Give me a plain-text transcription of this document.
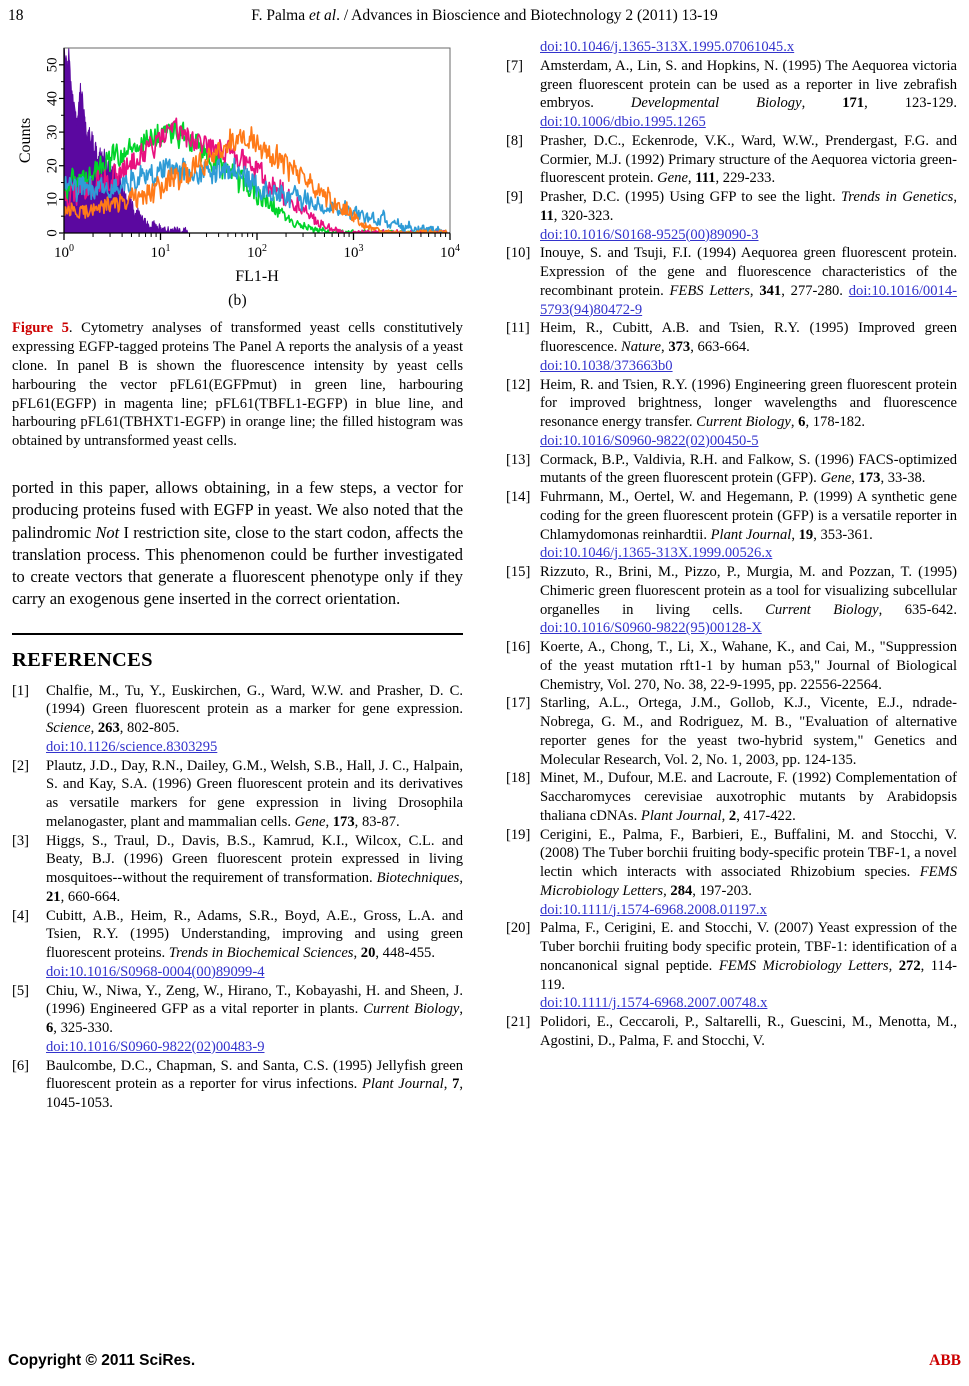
18	F. Palma et al. / Advances in Bioscience and Biotechnology 2 (2011) 13-19
0
10
20
30
40
50
Counts
$10^0$	$10^1$	$10^2$	$10^3$	$10^4$
FL1-H
(b)
Figure 5. Cytometry analyses of transformed yeast cells constitutively expressing EGFP-tagged proteins The Panel A reports the analysis of a yeast clone. In panel B is shown the fluorescence intensity by yeast cells harbouring the vector pFL61(EGFPmut) in green line, harbouring pFL61(EGFP) in magenta line; pFL61(TBFL1-EGFP) in blue line, and harbouring pFL61(TBHXT1-EGFP) in orange line; the filled histogram was obtained by untransformed yeast cells.
ported in this paper, allows obtaining, in a few steps, a vector for producing proteins fused with EGFP in yeast. We also noted that the palindromic Not I restriction site, close to the start codon, affects the translation process. This phenomenon could be further investigated to create vectors that generate a fluorescent phenotype only if they carry an exogenous gene inserted in the correct orientation.
REFERENCES
[1]	Chalfie, M., Tu, Y., Euskirchen, G., Ward, W.W. and Prasher, D. C. (1994) Green fluorescent protein as a marker for gene expression. Science, 263, 802-805.
doi:10.1126/science.8303295
[2]	Plautz, J.D., Day, R.N., Dailey, G.M., Welsh, S.B., Hall, J. C., Halpain, S. and Kay, S.A. (1996) Green fluorescent protein and its derivatives as versatile markers for gene expression in living Drosophila melanogaster, plant and mammalian cells. Gene, 173, 83-87.
[3]	Higgs, S., Traul, D., Davis, B.S., Kamrud, K.I., Wilcox, C.L. and Beaty, B.J. (1996) Green fluorescent protein expressed in living mosquitoes--without the requirement of transformation. Biotechniques, 21, 660-664.
[4]	Cubitt, A.B., Heim, R., Adams, S.R., Boyd, A.E., Gross, L.A. and Tsien, R.Y. (1995) Understanding, improving and using green fluorescent proteins. Trends in Biochemical Sciences, 20, 448-455.
doi:10.1016/S0968-0004(00)89099-4
[5]	Chiu, W., Niwa, Y., Zeng, W., Hirano, T., Kobayashi, H. and Sheen, J. (1996) Engineered GFP as a vital reporter in plants. Current Biology, 6, 325-330.
doi:10.1016/S0960-9822(02)00483-9
[6]	Baulcombe, D.C., Chapman, S. and Santa, C.S. (1995) Jellyfish green fluorescent protein as a reporter for virus infections. Plant Journal, 7, 1045-1053.
doi:10.1046/j.1365-313X.1995.07061045.x
[7]	Amsterdam, A., Lin, S. and Hopkins, N. (1995) The Aequorea victoria green fluorescent protein can be used as a reporter in live zebrafish embryos. Developmental Biology, 171, 123-129. doi:10.1006/dbio.1995.1265
[8]	Prasher, D.C., Eckenrode, V.K., Ward, W.W., Prendergast, F.G. and Cormier, M.J. (1992) Primary structure of the Aequorea victoria green-fluorescent protein. Gene, 111, 229-233.
[9]	Prasher, D.C. (1995) Using GFP to see the light. Trends in Genetics, 11, 320-323.
doi:10.1016/S0168-9525(00)89090-3
[10] Inouye, S. and Tsuji, F.I. (1994) Aequorea green fluorescent protein. Expression of the gene and fluorescence characteristics of the recombinant protein. FEBS Letters, 341, 277-280. doi:10.1016/0014-5793(94)80472-9
[11] Heim, R., Cubitt, A.B. and Tsien, R.Y. (1995) Improved green fluorescence. Nature, 373, 663-664.
doi:10.1038/373663b0
[12] Heim, R. and Tsien, R.Y. (1996) Engineering green fluorescent protein for improved brightness, longer wavelengths and fluorescence resonance energy transfer. Current Biology, 6, 178-182.
doi:10.1016/S0960-9822(02)00450-5
[13] Cormack, B.P., Valdivia, R.H. and Falkow, S. (1996) FACS-optimized mutants of the green fluorescent protein (GFP). Gene, 173, 33-38.
[14] Fuhrmann, M., Oertel, W. and Hegemann, P. (1999) A synthetic gene coding for the green fluorescent protein (GFP) is a versatile reporter in Chlamydomonas reinhardtii. Plant Journal, 19, 353-361.
doi:10.1046/j.1365-313X.1999.00526.x
[15] Rizzuto, R., Brini, M., Pizzo, P., Murgia, M. and Pozzan, T. (1995) Chimeric green fluorescent protein as a tool for visualizing subcellular organelles in living cells. Current Biology, 635-642. doi:10.1016/S0960-9822(95)00128-X
[16] Koerte, A., Chong, T., Li, X., Wahane, K., and Cai, M., "Suppression of the yeast mutation rft1-1 by human p53," Journal of Biological Chemistry, Vol. 270, No. 38, 22-9-1995, pp. 22556-22564.
[17] Starling, A.L., Ortega, J.M., Gollob, K.J., Vicente, E.J., ndrade-Nobrega, G. M., and Rodriguez, M. B., "Evaluation of alternative reporter genes for the yeast two-hybrid system," Genetics and Molecular Research, Vol. 2, No. 1, 2003, pp. 124-135.
[18] Minet, M., Dufour, M.E. and Lacroute, F. (1992) Complementation of Saccharomyces cerevisiae auxotrophic mutants by Arabidopsis thaliana cDNAs. Plant Journal, 2, 417-422.
[19] Cerigini, E., Palma, F., Barbieri, E., Buffalini, M. and Stocchi, V. (2008) The Tuber borchii fruiting body-specific protein TBF-1, a novel lectin which interacts with associated Rhizobium species. FEMS Microbiology Letters, 284, 197-203.
doi:10.1111/j.1574-6968.2008.01197.x
[20] Palma, F., Cerigini, E. and Stocchi, V. (2007) Yeast expression of the Tuber borchii fruiting body specific protein, TBF-1: identification of a noncanonical signal peptide. FEMS Microbiology Letters, 272, 114-119.
doi:10.1111/j.1574-6968.2007.00748.x
[21] Polidori, E., Ceccaroli, P., Saltarelli, R., Guescini, M., Menotta, M., Agostini, D., Palma, F. and Stocchi, V.
Copyright © 2011 SciRes.	ABB
